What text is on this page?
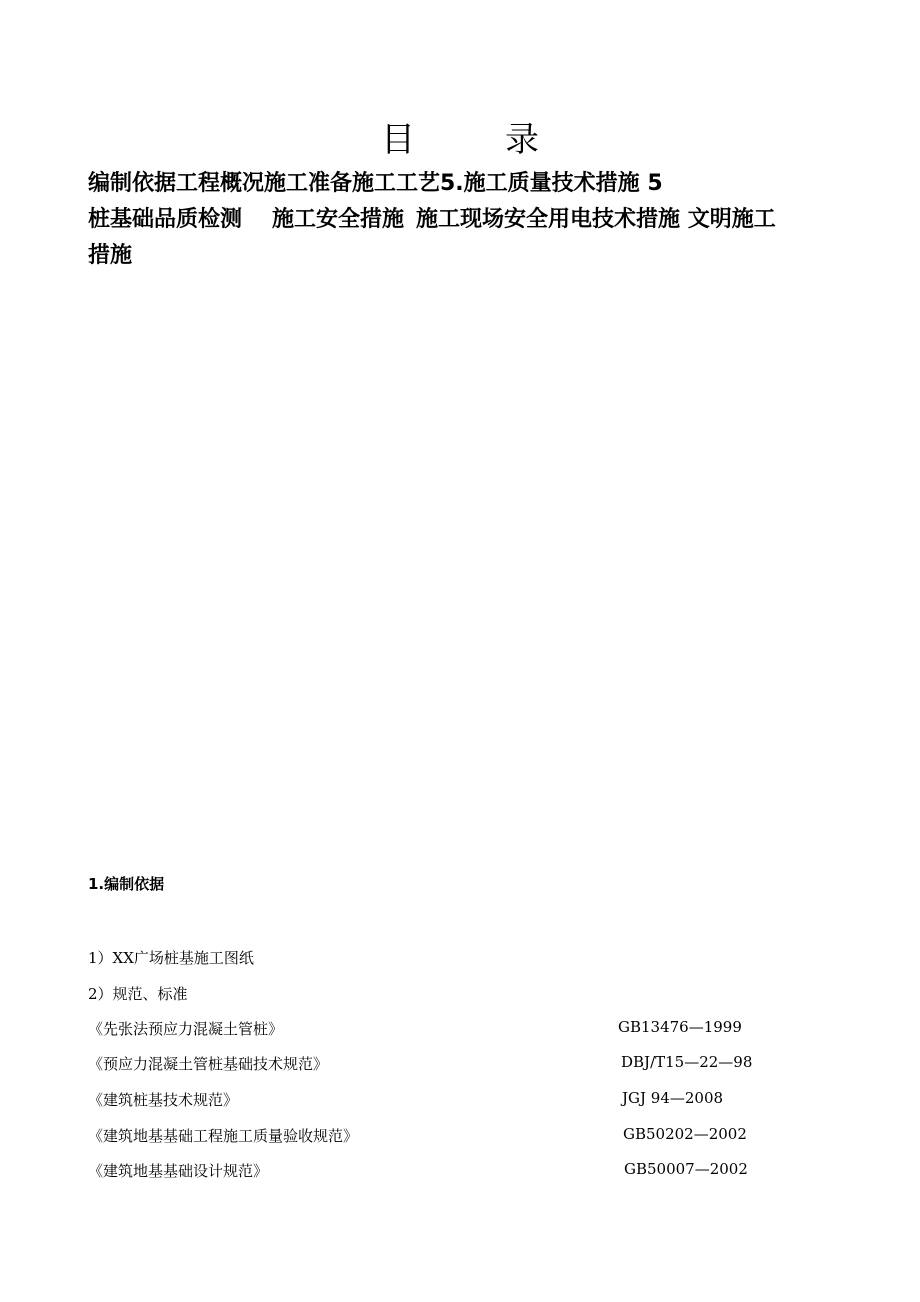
目录
编制依据工程概况施工准备施工工艺5.施工质量技术措施 5
桩基础品质检测 施工安全措施 施工现场安全用电技术措施 文明施工
措施
1.编制依据
1）XX广场桩基施工图纸
2）规范、标准
《先张法预应力混凝土管桩》	GB13476—1999
《预应力混凝土管桩基础技术规范》	DBJ/T15—22—98
《建筑桩基技术规范》	JGJ 94—2008
《建筑地基基础工程施工质量验收规范》	GB50202—2002
《建筑地基基础设计规范》	GB50007—2002
